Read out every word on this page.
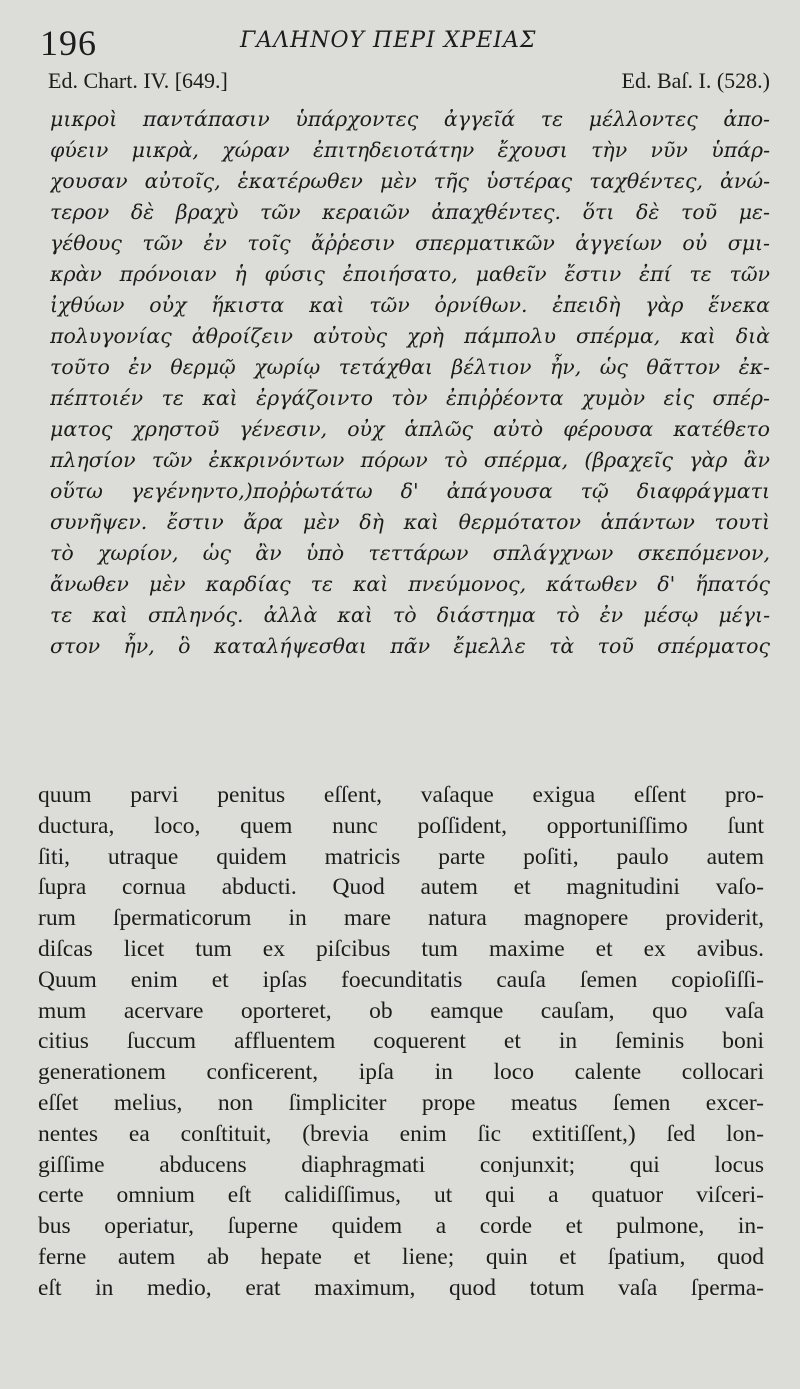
196	ΓΑΛΗΝΟΥ ΠΕΡΙ ΧΡΕΙΑΣ
Ed. Chart. IV. [649.]	Ed. Baſ. I. (528.)
μικροὶ παντάπασιν ὑπάρχοντες ἀγγεῖά τε μέλλοντες ἀπο-
φύειν μικρὰ, χώραν ἐπιτηδειοτάτην ἔχουσι τὴν νῦν ὑπάρ-
χουσαν αὐτοῖς, ἑκατέρωθεν μὲν τῆς ὑστέρας ταχθέντες, ἀνώ-
τερον δὲ βραχὺ τῶν κεραιῶν ἀπαχθέντες. ὅτι δὲ τοῦ με-
γέθους τῶν ἐν τοῖς ἄῤῥεσιν σπερματικῶν ἀγγείων οὐ σμι-
κρὰν πρόνοιαν ἡ φύσις ἐποιήσατο, μαθεῖν ἔστιν ἐπί τε τῶν
ἰχθύων οὐχ ἥκιστα καὶ τῶν ὀρνίθων. ἐπειδὴ γὰρ ἕνεκα
πολυγονίας ἀθροίζειν αὐτοὺς χρὴ πάμπολυ σπέρμα, καὶ διὰ
τοῦτο ἐν θερμῷ χωρίῳ τετάχθαι βέλτιον ἦν, ὡς θᾶττον ἐκ-
πέπτοιέν τε καὶ ἐργάζοιντο τὸν ἐπιῤῥέοντα χυμὸν εἰς σπέρ-
ματος χρηστοῦ γένεσιν, οὐχ ἁπλῶς αὐτὸ φέρουσα κατέθετο
πλησίον τῶν ἐκκρινόντων πόρων τὸ σπέρμα, (βραχεῖς γὰρ ἂν
οὕτω γεγένηντο,)ποῤῥωτάτω δ' ἀπάγουσα τῷ διαφράγματι
συνῆψεν. ἔστιν ἄρα μὲν δὴ καὶ θερμότατον ἁπάντων τουτὶ
τὸ χωρίον, ὡς ἂν ὑπὸ τεττάρων σπλάγχνων σκεπόμενον,
ἄνωθεν μὲν καρδίας τε καὶ πνεύμονος, κάτωθεν δ' ἥπατός
τε καὶ σπληνός. ἀλλὰ καὶ τὸ διάστημα τὸ ἐν μέσῳ μέγι-
στον ἦν, ὃ καταλήψεσθαι πᾶν ἔμελλε τὰ τοῦ σπέρματος
quum parvi penitus eſſent, vaſaque exigua eſſent pro-
ductura, loco, quem nunc poſſident, opportuniſſimo ſunt
ſiti, utraque quidem matricis parte poſiti, paulo autem
ſupra cornua abducti. Quod autem et magnitudini vaſo-
rum ſpermaticorum in mare natura magnopere providerit,
diſcas licet tum ex piſcibus tum maxime et ex avibus.
Quum enim et ipſas foecunditatis cauſa ſemen copioſiſſi-
mum acervare oporteret, ob eamque cauſam, quo vaſa
citius ſuccum affluentem coquerent et in ſeminis boni
generationem conficerent, ipſa in loco calente collocari
eſſet melius, non ſimpliciter prope meatus ſemen excer-
nentes ea conſtituit, (brevia enim ſic extitiſſent,) ſed lon-
giſſime abducens diaphragmati conjunxit; qui locus
certe omnium eſt calidiſſimus, ut qui a quatuor viſceri-
bus operiatur, ſuperne quidem a corde et pulmone, in-
ferne autem ab hepate et liene; quin et ſpatium, quod
eſt in medio, erat maximum, quod totum vaſa ſperma-
